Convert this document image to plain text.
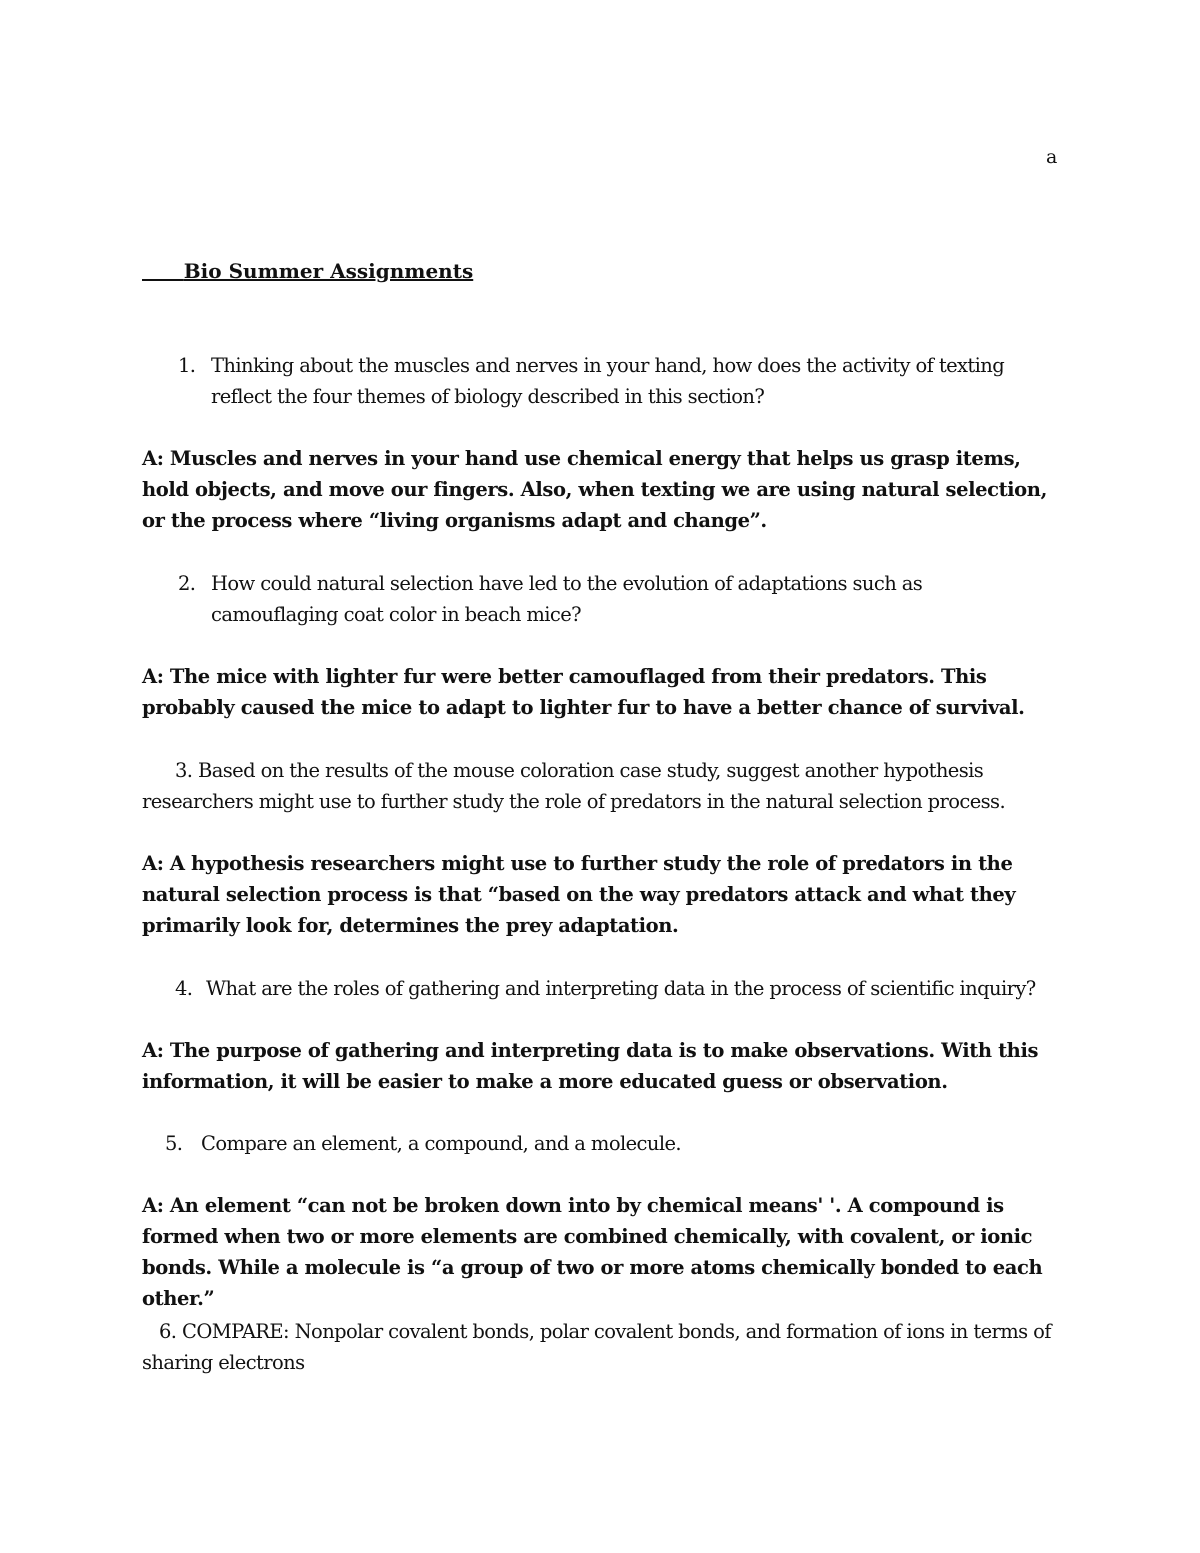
a
Bio Summer Assignments
1. Thinking about the muscles and nerves in your hand, how does the activity of texting reflect the four themes of biology described in this section?

A: Muscles and nerves in your hand use chemical energy that helps us grasp items, hold objects, and move our fingers. Also, when texting we are using natural selection, or the process where “living organisms adapt and change”.

2. How could natural selection have led to the evolution of adaptations such as camouflaging coat color in beach mice?

A: The mice with lighter fur were better camouflaged from their predators. This probably caused the mice to adapt to lighter fur to have a better chance of survival.

3. Based on the results of the mouse coloration case study, suggest another hypothesis researchers might use to further study the role of predators in the natural selection process.

A: A hypothesis researchers might use to further study the role of predators in the natural selection process is that “based on the way predators attack and what they primarily look for, determines the prey adaptation.

4. What are the roles of gathering and interpreting data in the process of scientific inquiry?

A: The purpose of gathering and interpreting data is to make observations. With this information, it will be easier to make a more educated guess or observation.

5. Compare an element, a compound, and a molecule.

A: An element “can not be broken down into by chemical means' '. A compound is formed when two or more elements are combined chemically, with covalent, or ionic bonds. While a molecule is “a group of two or more atoms chemically bonded to each other.”

6. COMPARE: Nonpolar covalent bonds, polar covalent bonds, and formation of ions in terms of sharing electrons
